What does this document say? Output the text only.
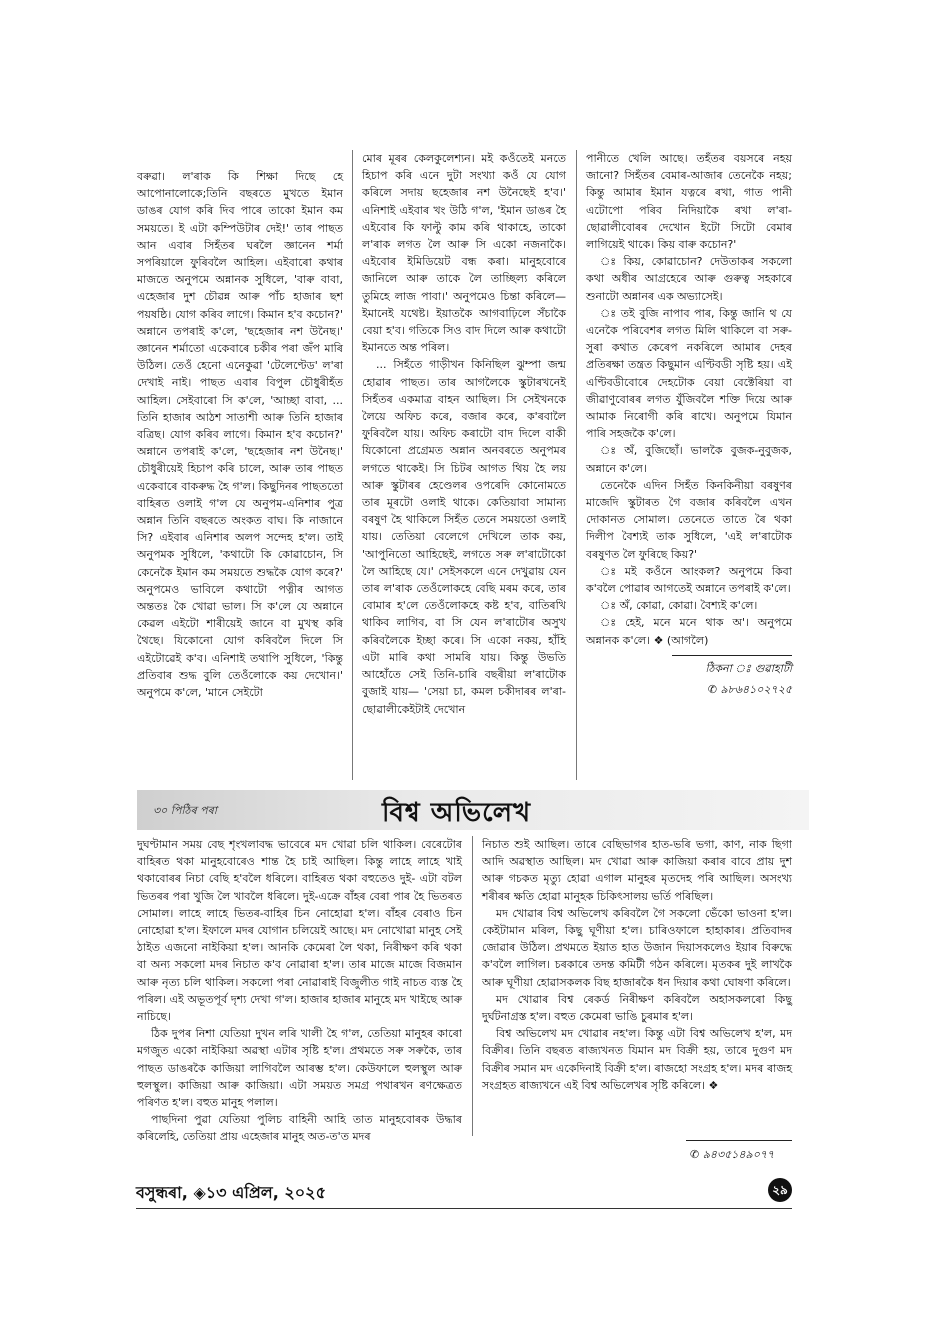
বৰুৱা। ল'ৰাক কি শিক্ষা দিছে হে আপোনালোকে;তিনি বছৰতে মুখতে ইমান ডাঙৰ যোগ কৰি দিব পাৰে তাকো ইমান কম সময়তে। ই এটা কম্পিউটাৰ দেই!' তাৰ পাছত আন এবাৰ সিহঁতৰ ঘৰলৈ জ্ঞানেন শৰ্মা সপৰিয়ালে ফুৰিবলৈ আহিল। এইবাৰো কথাৰ মাজতে অনুপমে অন্নানক সুধিলে, 'বাৰু বাবা, এহেজাৰ দুশ চৌৱন্ন আৰু পাঁচ হাজাৰ ছশ পয়ষষ্ঠি। যোগ কৰিব লাগে। কিমান হ'ব কচোন?' অন্নানে তপৰাই ক'লে, 'ছহেজাৰ নশ উনৈছ।' জ্ঞানেন শৰ্মাতো একেবাৰে চকীৰ পৰা জঁপ মাৰি উঠিল। তেওঁ হেনো এনেকুৱা 'টেলেণ্টেড' ল'ৰা দেখাই নাই। পাছত এবাৰ বিপুল চৌধুৰীহঁত আহিল। সেইবাৰো সি ক'লে, 'আচ্ছা বাবা, ... তিনি হাজাৰ আঠশ সাতাশী আৰু তিনি হাজাৰ বত্ৰিছ। যোগ কৰিব লাগে। কিমান হ'ব কচোন?' অন্নানে তপৰাই ক'লে, 'ছহেজাৰ নশ উনৈছ।' চৌধুৰীয়েই হিচাপ কৰি চালে, আৰু তাৰ পাছত একেবাৰে বাকৰুদ্ধ হৈ গ'ল। কিছুদিনৰ পাছততো বাহিৰত ওলাই গ'ল যে অনুপম-এনিশাৰ পুত্ৰ অন্নান তিনি বছৰতে অংকত বাঘ। কি নাজানে সি? এইবাৰ এনিশাৰ অলপ সন্দেহ হ'ল। তাই অনুপমক সুধিলে, 'কথাটো কি কোৱাচোন, সি কেনেকৈ ইমান কম সময়তে শুদ্ধকৈ যোগ কৰে?' অনুপমেও ভাবিলে কথাটো পত্নীৰ আগত অন্ততঃ কৈ খোৱা ভাল। সি ক'লে যে অন্নানে কেৱল এইটো শাৰীয়েই জানে বা মুখস্থ কৰি থৈছে। যিকোনো যোগ কৰিবলৈ দিলে সি এইটোৱেই ক'ব। এনিশাই তথাপি সুধিলে, 'কিন্তু প্ৰতিবাৰ শুদ্ধ বুলি তেওঁলোকে কয় দেখোন।' অনুপমে ক'লে, 'মানে সেইটো

মোৰ মূৰৰ কেলকুলেশ্যন। মই কওঁতেই মনতে হিচাপ কৰি এনে দুটা সংখ্যা কওঁ যে যোগ কৰিলে সদায় ছহেজাৰ নশ উনৈছেই হ'ব।' এনিশাই এইবাৰ খং উঠি গ'ল, 'ইমান ডাঙৰ হৈ এইবোৰ কি ফাল্টু কাম কৰি থাকাহে, তাকো ল'ৰাক লগত লৈ আৰু সি একো নজনাকৈ। এইবোৰ ইমিডিয়েট বন্ধ কৰা। মানুহবোৰে জানিলে আৰু তাকে লৈ তাচ্ছিল্য কৰিলে তুমিহে লাজ পাবা।' অনুপমেও চিন্তা কৰিলে— ইমানেই যথেষ্ট। ইয়াতকৈ আগবাঢ়িলে সঁচাকৈ বেয়া হ'ব। গতিকে সিও বাদ দিলে আৰু কথাটো ইমানতে অন্ত পৰিল।

... সিহঁতে গাড়ীখন কিনিছিল ঝুম্পা জন্ম হোৱাৰ পাছত। তাৰ আগলৈকে স্কুটাৰখনেই সিহঁতৰ একমাত্ৰ বাহন আছিল। সি সেইখনকে লৈয়ে অফিচ কৰে, বজাৰ কৰে, ক'ৰবালৈ ফুৰিবলৈ যায়। অফিচ কৰাটো বাদ দিলে বাকী যিকোনো প্ৰগ্ৰেমত অন্নান অনবৰতে অনুপমৰ লগতে থাকেই। সি চিটৰ আগত থিয় হৈ লয় আৰু স্কুটাৰৰ হেণ্ডেলৰ ওপৰেদি কোনোমতে তাৰ মূৰটো ওলাই থাকে। কেতিয়াবা সামান্য বৰষুণ হৈ থাকিলে সিহঁত তেনে সময়তো ওলাই যায়। তেতিয়া বেলেগে দেখিলে তাক কয়, 'আপুনিতো আহিছেই, লগতে সৰু ল'ৰাটোকো লৈ আহিছে যে।' সেইসকলে এনে দেখুৱায় যেন তাৰ ল'ৰাক তেওঁলোকহে বেছি মৰম কৰে, তাৰ বোমাৰ হ'লে তেওঁলোকহে কষ্ট হ'ব, বাতিৰখি থাকিব লাগিব, বা সি যেন ল'ৰাটোৰ অসুখ কৰিবলৈকে ইচ্ছা কৰে। সি একো নকয়, হাঁহি এটা মাৰি কথা সামৰি যায়। কিন্তু উভতি আহোঁতে সেই তিনি-চাৰি বছৰীয়া ল'ৰাটোক বুজাই যায়— 'সেয়া চা, কমল চকীদাৰৰ ল'ৰা-ছোৱালীকেইটাই দেখোন

পানীতে খেলি আছে। তহঁতৰ বয়সৰে নহয় জানো? সিহঁতৰ বেমাৰ-আজাৰ তেনেকৈ নহয়; কিন্তু আমাৰ ইমান যত্নৰে ৰখা, গাত পানী এটোপো পৰিব নিদিয়াকৈ ৰখা ল'ৰা-ছোৱালীবোৰৰ দেখোন ইটো সিটো বেমাৰ লাগিয়েই থাকে। কিয় বাৰু কচোন?'

ঃ কিয়, কোৱাচোন? দেউতাকৰ সকলো কথা অধীৰ আগ্ৰহেৰে আৰু গুৰুত্ব সহকাৰে শুনাটো অন্নানৰ এক অভ্যাসেই।

ঃ তই বুজি নাপাব পাৰ, কিন্তু জানি থ যে এনেকৈ পৰিবেশৰ লগত মিলি থাকিলে বা সৰু-সুৰা কথাত কেৰেপ নকৰিলে আমাৰ দেহৰ প্ৰতিৰক্ষা তন্ত্ৰত কিছুমান এণ্টিবডী সৃষ্টি হয়। এই এণ্টিবডীবোৰে দেহটোক বেয়া বেক্টেৰিয়া বা জীৱাণুবোৰৰ লগত যুঁজিবলৈ শক্তি দিয়ে আৰু আমাক নিৰোগী কৰি ৰাখে। অনুপমে যিমান পাৰি সহজকৈ ক'লে।

ঃ অঁ, বুজিছোঁ। ভালকৈ বুজক-নুবুজক, অন্নানে ক'লে।

তেনেকৈ এদিন সিহঁত কিনকিনীয়া বৰষুণৰ মাজেদি স্কুটাৰত গৈ বজাৰ কৰিবলৈ এখন দোকানত সোমাল। তেনেতে তাতে ৰৈ থকা দিলীপ বৈশ্যই তাক সুধিলে, 'এই ল'ৰাটোক বৰষুণত লৈ ফুৰিছে কিয়?'

ঃ মই কওঁনে আংকল? অনুপমে কিবা ক'বলৈ পোৱাৰ আগতেই অন্নানে তপৰাই ক'লে।

ঃ অঁ, কোৱা, কোৱা। বৈশ্যই ক'লে।

ঃ হেই, মনে মনে থাক অ'। অনুপমে অন্নানক ক'লে। ❖ (আগলৈ)

ঠিকনা ঃ গুৱাহাটী
✆ ৯৮৬৪১০২৭২৫
৩০ পিঠিৰ পৰা	বিশ্ব অভিলেখ

দুঘণ্টামান সময় বেছ শৃংখলাবদ্ধ ভাবেৰে মদ খোৱা চলি থাকিল। বেৰেটোৰ বাহিৰত থকা মানুহবোৰেও শান্ত হৈ চাই আছিল। কিন্তু লাহে লাহে খাই থকাবোৰৰ নিচা বেছি হ'বলৈ ধৰিলে। বাহিৰত থকা বহুতেও দুই- এটা বটল ভিতৰৰ পৰা খুজি লৈ খাবলৈ ধৰিলে। দুই-এক্ৰে বাঁহৰ বেৰা পাৰ হৈ ভিতৰত সোমাল। লাহে লাহে ভিতৰ-বাহিৰ চিন নোহোৱা হ'ল। বাঁহৰ বেৰাও চিন নোহোৱা হ'ল। ইফালে মদৰ যোগান চলিয়েই আছে। মদ নোখোৱা মানুহ সেই ঠাইত এজনো নাইকিয়া হ'ল। আনকি কেমেৰা লৈ থকা, নিৰীক্ষণ কৰি থকা বা অন্য সকলো মদৰ নিচাত ক'ব নোৱাৰা হ'ল। তাৰ মাজে মাজে বিজমান আৰু নৃত্য চলি থাকিল। সকলো পৰা নোৱাৰাই বিজুলীত গাই নাচত ব্যস্ত হৈ পৰিল। এই অভূতপূৰ্ব দৃশ্য দেখা গ'ল। হাজাৰ হাজাৰ মানুহে মদ খাইছে আৰু নাচিছে।

ঠিক দুপৰ নিশা যেতিয়া দুখন লৰি খালী হৈ গ'ল, তেতিয়া মানুহৰ কাৰো মগজুত একো নাইকিয়া অৱস্থা এটাৰ সৃষ্টি হ'ল। প্ৰথমতে সৰু সৰুকৈ, তাৰ পাছত ডাঙৰকৈ কাজিয়া লাগিবলৈ আৰম্ভ হ'ল। কেউফালে হুলস্থুল আৰু হুলস্থুল। কাজিয়া আৰু কাজিয়া। এটা সময়ত সমগ্ৰ পথাৰখন ৰণক্ষেত্ৰত পৰিণত হ'ল। বহুত মানুহ পলাল।

পাছদিনা পুৱা যেতিয়া পুলিচ বাহিনী আহি তাত মানুহবোৰক উদ্ধাৰ কৰিলেহি, তেতিয়া প্ৰায় এহেজাৰ মানুহ অত-ত'ত মদৰ

নিচাত শুই আছিল। তাৰে বেছিভাগৰ হাত-ভৰি ভগা, কাণ, নাক ছিগা আদি অৱস্থাত আছিল। মদ খোৱা আৰু কাজিয়া কৰাৰ বাবে প্ৰায় দুশ আৰু গচকত মৃত্যু হোৱা এগাল মানুহৰ মৃতদেহ পৰি আছিল। অসংখ্য শৰীৰৰ ক্ষতি হোৱা মানুহক চিকিৎসালয় ভৰ্তি পৰিছিল।

মদ খোৱাৰ বিশ্ব অভিলেখ কৰিবলৈ গৈ সকলো ভেঁকো ভাওনা হ'ল। কেইটামান মৰিল, কিছু ঘূণীয়া হ'ল। চাৰিওফালে হাহাকাৰ। প্ৰতিবাদৰ জোৱাৰ উঠিল। প্ৰথমতে ইয়াত হাত উজান দিয়াসকলেও ইয়াৰ বিৰুদ্ধে ক'বলৈ লাগিল। চৰকাৰে তদন্ত কমিটী গঠন কৰিলে। মৃতকৰ দুই লাখকৈ আৰু ঘূণীয়া হোৱাসকলক বিছ হাজাৰকৈ ধন দিয়াৰ কথা ঘোষণা কৰিলে।

মদ খোৱাৰ বিশ্ব ৰেকৰ্ড নিৰীক্ষণ কৰিবলৈ অহাসকলৰো কিছু দুৰ্ঘটনাগ্ৰস্ত হ'ল। বহুত কেমেৰা ভাঙি চুৰমাৰ হ'ল।

বিশ্ব অভিলেখ মদ খোৱাৰ নহ'ল। কিন্তু এটা বিশ্ব অভিলেখ হ'ল, মদ বিক্ৰীৰ। তিনি বছৰত ৰাজ্যখনত যিমান মদ বিক্ৰী হয়, তাৰে দুগুণ মদ বিক্ৰীৰ সমান মদ একেদিনাই বিক্ৰী হ'ল। ৰাজহো সংগ্ৰহ হ'ল। মদৰ ৰাজহ সংগ্ৰহত ৰাজ্যখনে এই বিশ্ব অভিলেখৰ সৃষ্টি কৰিলে। ❖

✆ ৯৪৩৫১৪৯০৭৭
বসুন্ধৰা, ◈১৩ এপ্ৰিল, ২০২৫	২৯
